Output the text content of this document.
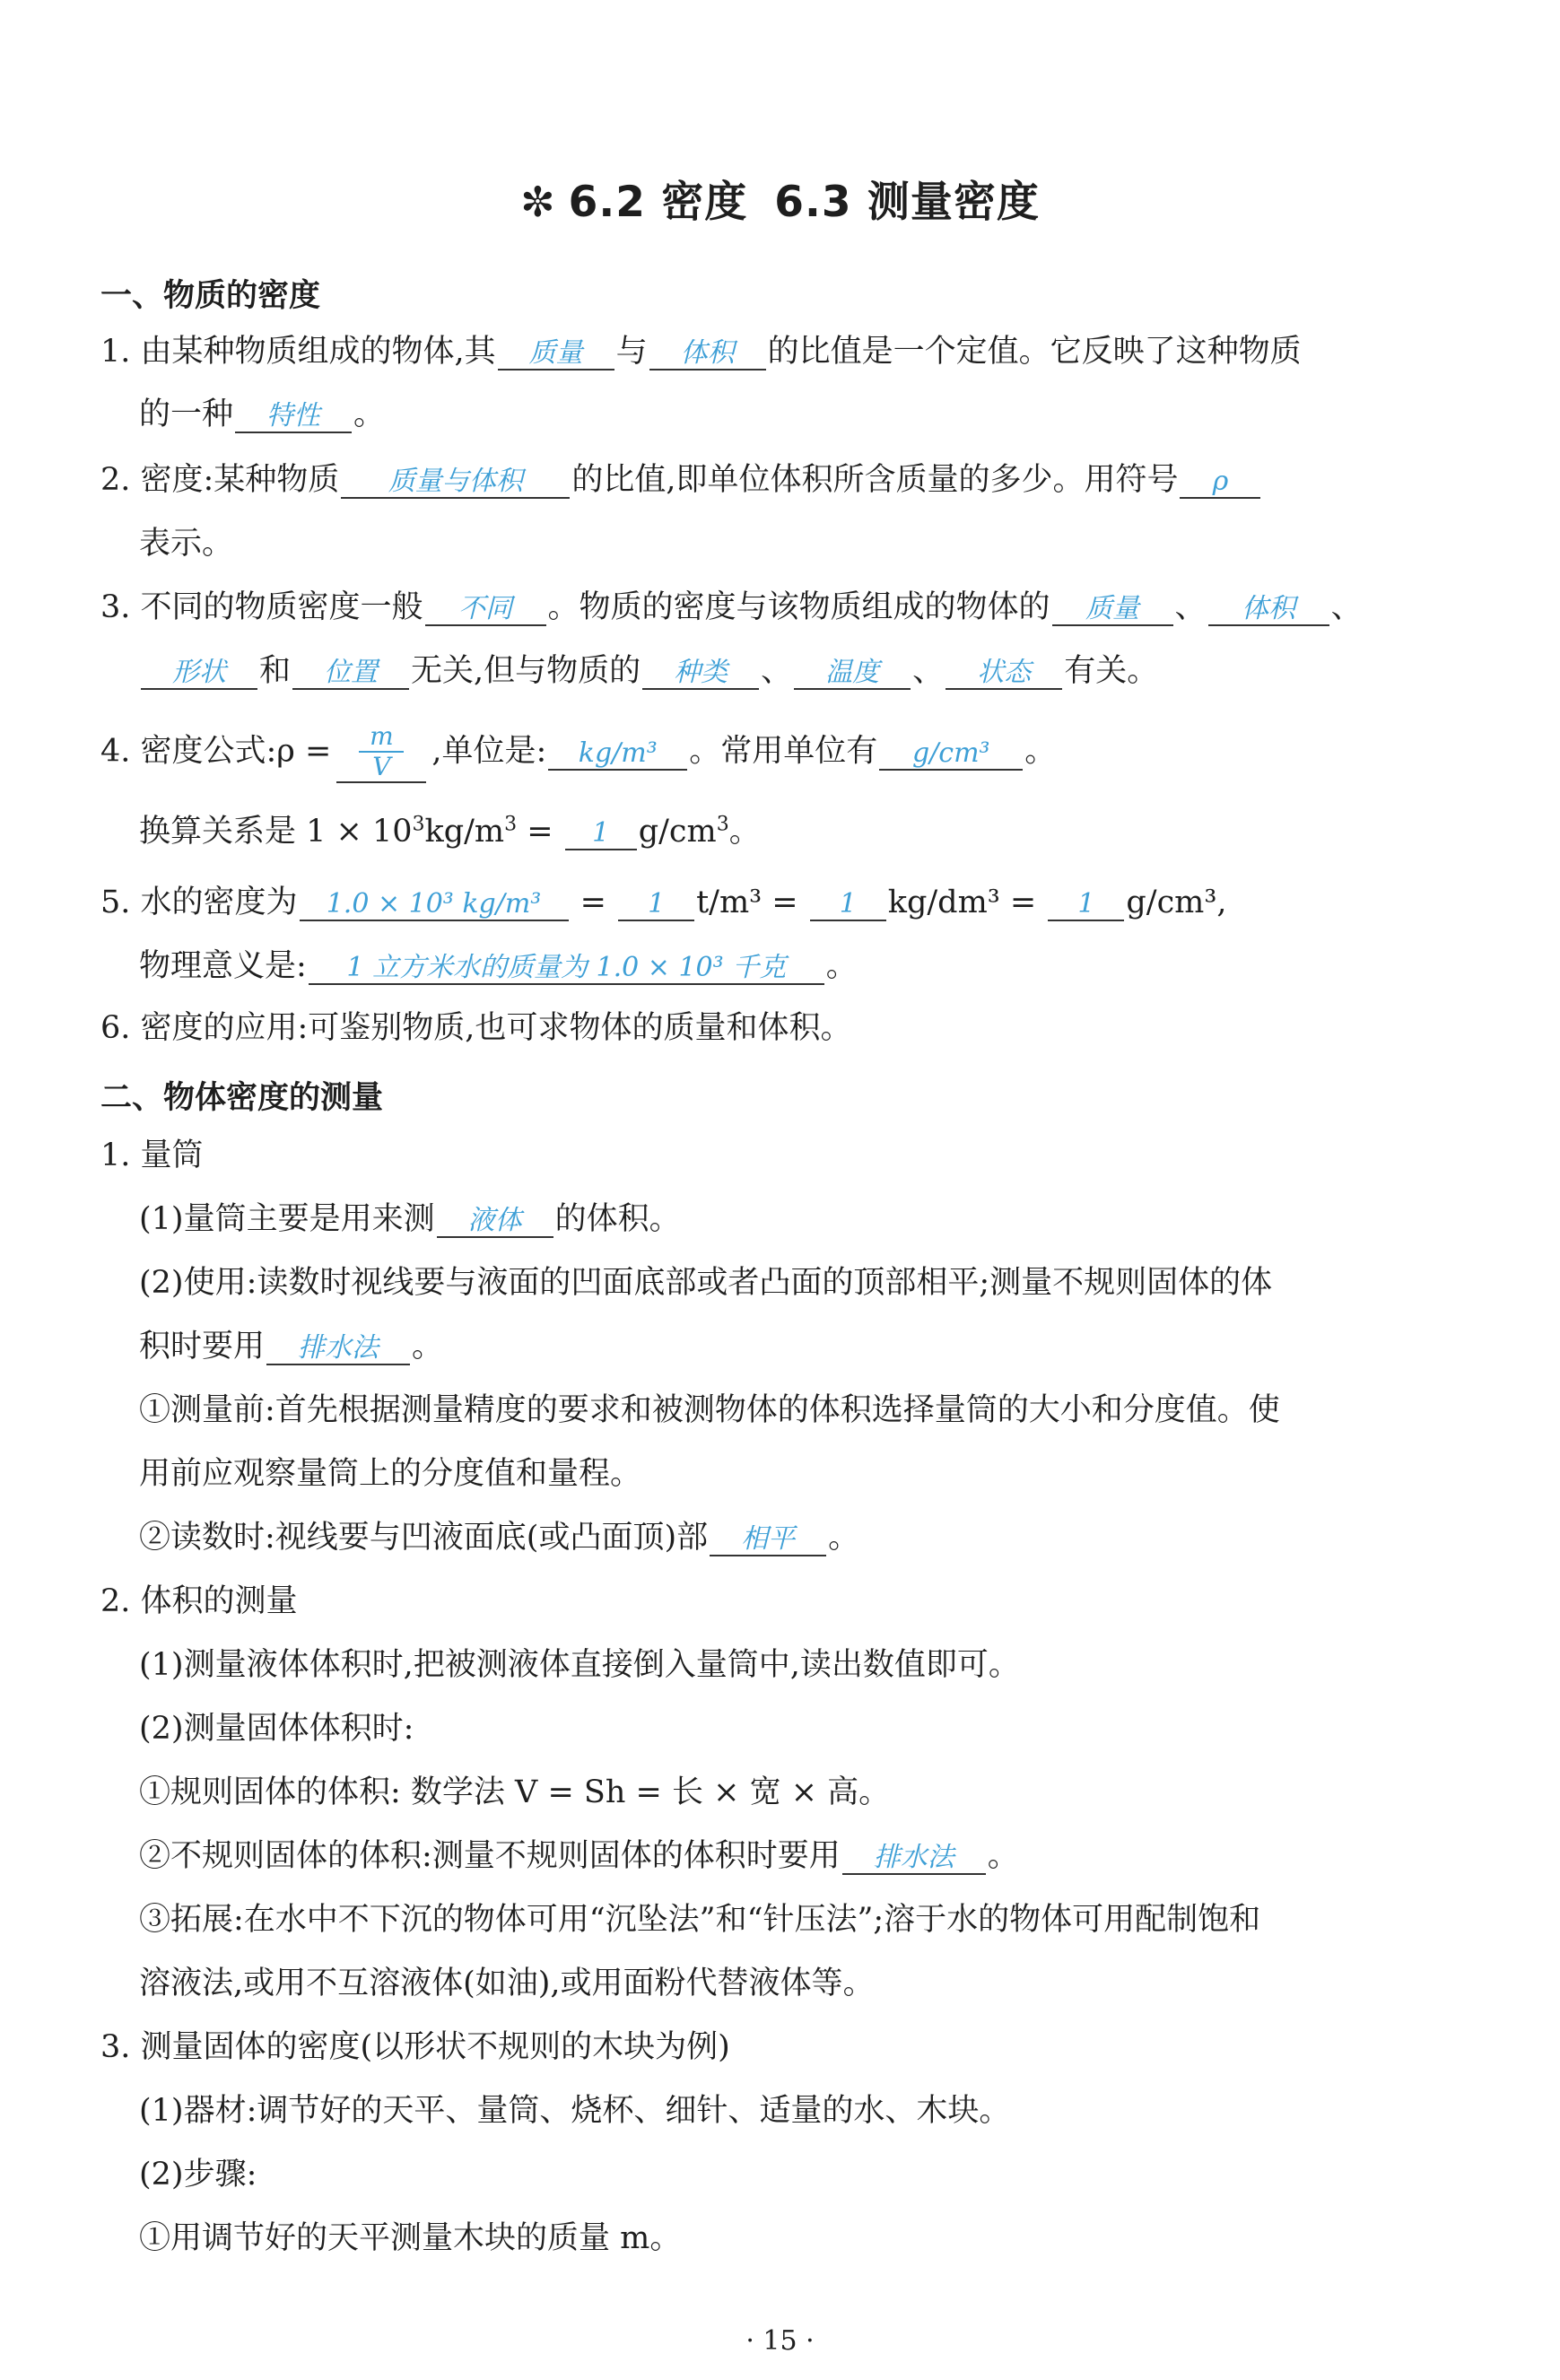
✼ 6.2 密度 6.3 测量密度
一、物质的密度
1. 由某种物质组成的物体,其 质量 与 体积 的比值是一个定值。它反映了这种物质
的一种 特性 。
2. 密度:某种物质 质量与体积 的比值,即单位体积所含质量的多少。用符号 ρ
表示。
3. 不同的物质密度一般 不同 。物质的密度与该物质组成的物体的 质量 、 体积 、
形状 和 位置 无关,但与物质的 种类 、 温度 、 状态 有关。
4. 密度公式:ρ = $\frac{m}{V}$ ,单位是: kg/m³ 。常用单位有 g/cm³ 。
换算关系是 $1 \times 10^3kg/m^3 = 1$ $g/cm^3$。
5. 水的密度为 1.0 × 10³ kg/m³ = 1 t/m³ = 1 kg/dm³ = 1 g/cm³,
物理意义是: 1 立方米水的质量为 1.0 × 10³ 千克 。
6. 密度的应用:可鉴别物质,也可求物体的质量和体积。
二、物体密度的测量
1. 量筒
(1)量筒主要是用来测 液体 的体积。
(2)使用:读数时视线要与液面的凹面底部或者凸面的顶部相平;测量不规则固体的体
积时要用 排水法 。
①测量前:首先根据测量精度的要求和被测物体的体积选择量筒的大小和分度值。使
用前应观察量筒上的分度值和量程。
②读数时:视线要与凹液面底(或凸面顶)部 相平 。
2. 体积的测量
(1)测量液体体积时,把被测液体直接倒入量筒中,读出数值即可。
(2)测量固体体积时:
①规则固体的体积: 数学法 V = Sh = 长 × 宽 × 高。
②不规则固体的体积:测量不规则固体的体积时要用 排水法 。
③拓展:在水中不下沉的物体可用“沉坠法”和“针压法”;溶于水的物体可用配制饱和
溶液法,或用不互溶液体(如油),或用面粉代替液体等。
3. 测量固体的密度(以形状不规则的木块为例)
(1)器材:调节好的天平、量筒、烧杯、细针、适量的水、木块。
(2)步骤:
①用调节好的天平测量木块的质量 m。
· 15 ·
